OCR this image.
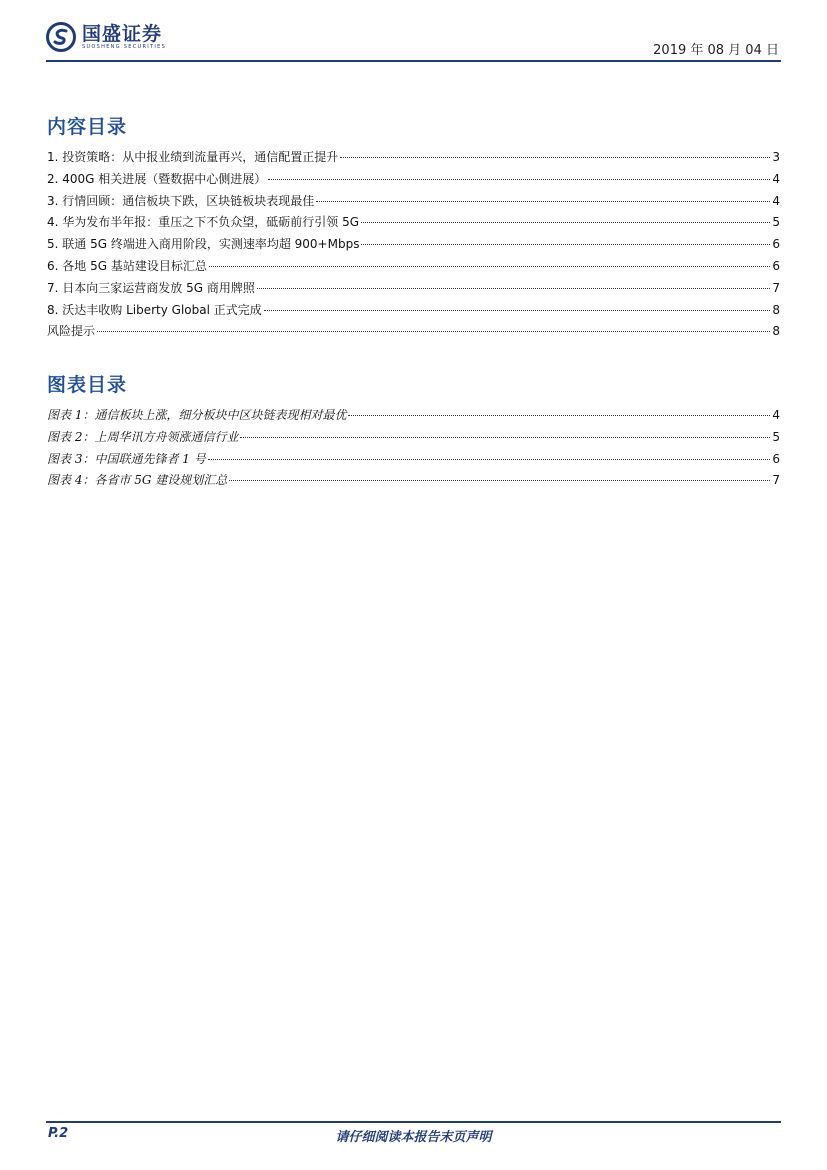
国盛证券
SUOSHENG SECURITIES	2019 年 08 月 04 日
内容目录
1. 投资策略：从中报业绩到流量再兴，通信配置正提升	3
2. 400G 相关进展（暨数据中心侧进展）	4
3. 行情回顾：通信板块下跌，区块链板块表现最佳	4
4. 华为发布半年报：重压之下不负众望，砥砺前行引领 5G	5
5. 联通 5G 终端进入商用阶段，实测速率均超 900+Mbps	6
6. 各地 5G 基站建设目标汇总	6
7. 日本向三家运营商发放 5G 商用牌照	7
8. 沃达丰收购 Liberty Global 正式完成	8
风险提示	8
图表目录
图表 1：通信板块上涨，细分板块中区块链表现相对最优	4
图表 2：上周华讯方舟领涨通信行业	5
图表 3：中国联通先锋者 1 号	6
图表 4：各省市 5G 建设规划汇总	7
P.2	请仔细阅读本报告末页声明
